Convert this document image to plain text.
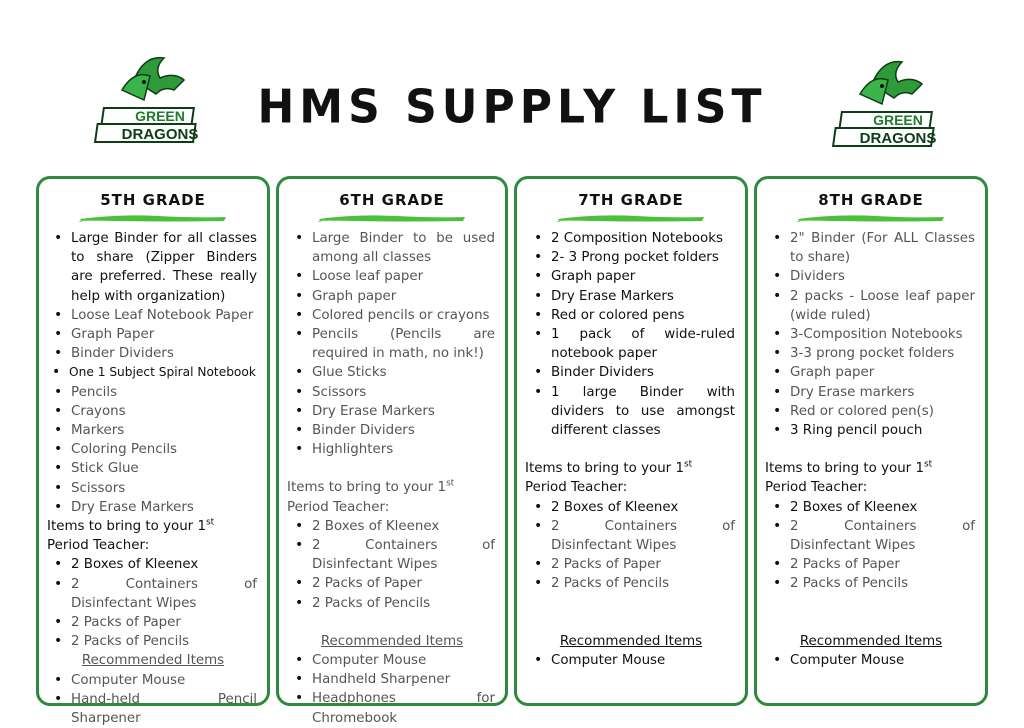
HMS SUPPLY LIST
GREEN
DRAGONS
GREEN
DRAGONS
5TH GRADE
• Large Binder for all classes to share (Zipper Binders are preferred. These really help with organization)
• Loose Leaf Notebook Paper
• Graph Paper
• Binder Dividers
• One 1 Subject Spiral Notebook
• Pencils
• Crayons
• Markers
• Coloring Pencils
• Stick Glue
• Scissors
• Dry Erase Markers
Items to bring to your 1st Period Teacher:
• 2 Boxes of Kleenex
• 2 Containers of Disinfectant Wipes
• 2 Packs of Paper
• 2 Packs of Pencils
Recommended Items
• Computer Mouse
• Hand-held Pencil Sharpener
6TH GRADE
• Large Binder to be used among all classes
• Loose leaf paper
• Graph paper
• Colored pencils or crayons
• Pencils (Pencils are required in math, no ink!)
• Glue Sticks
• Scissors
• Dry Erase Markers
• Binder Dividers
• Highlighters
Items to bring to your 1st Period Teacher:
• 2 Boxes of Kleenex
• 2 Containers of Disinfectant Wipes
• 2 Packs of Paper
• 2 Packs of Pencils
Recommended Items
• Computer Mouse
• Handheld Sharpener
• Headphones for Chromebook
7TH GRADE
• 2 Composition Notebooks
• 2- 3 Prong pocket folders
• Graph paper
• Dry Erase Markers
• Red or colored pens
• 1 pack of wide-ruled notebook paper
• Binder Dividers
• 1 large Binder with dividers to use amongst different classes
Items to bring to your 1st Period Teacher:
• 2 Boxes of Kleenex
• 2 Containers of Disinfectant Wipes
• 2 Packs of Paper
• 2 Packs of Pencils
Recommended Items
• Computer Mouse
8TH GRADE
• 2" Binder (For ALL Classes to share)
• Dividers
• 2 packs - Loose leaf paper (wide ruled)
• 3-Composition Notebooks
• 3-3 prong pocket folders
• Graph paper
• Dry Erase markers
• Red or colored pen(s)
• 3 Ring pencil pouch
Items to bring to your 1st Period Teacher:
• 2 Boxes of Kleenex
• 2 Containers of Disinfectant Wipes
• 2 Packs of Paper
• 2 Packs of Pencils
Recommended Items
• Computer Mouse
